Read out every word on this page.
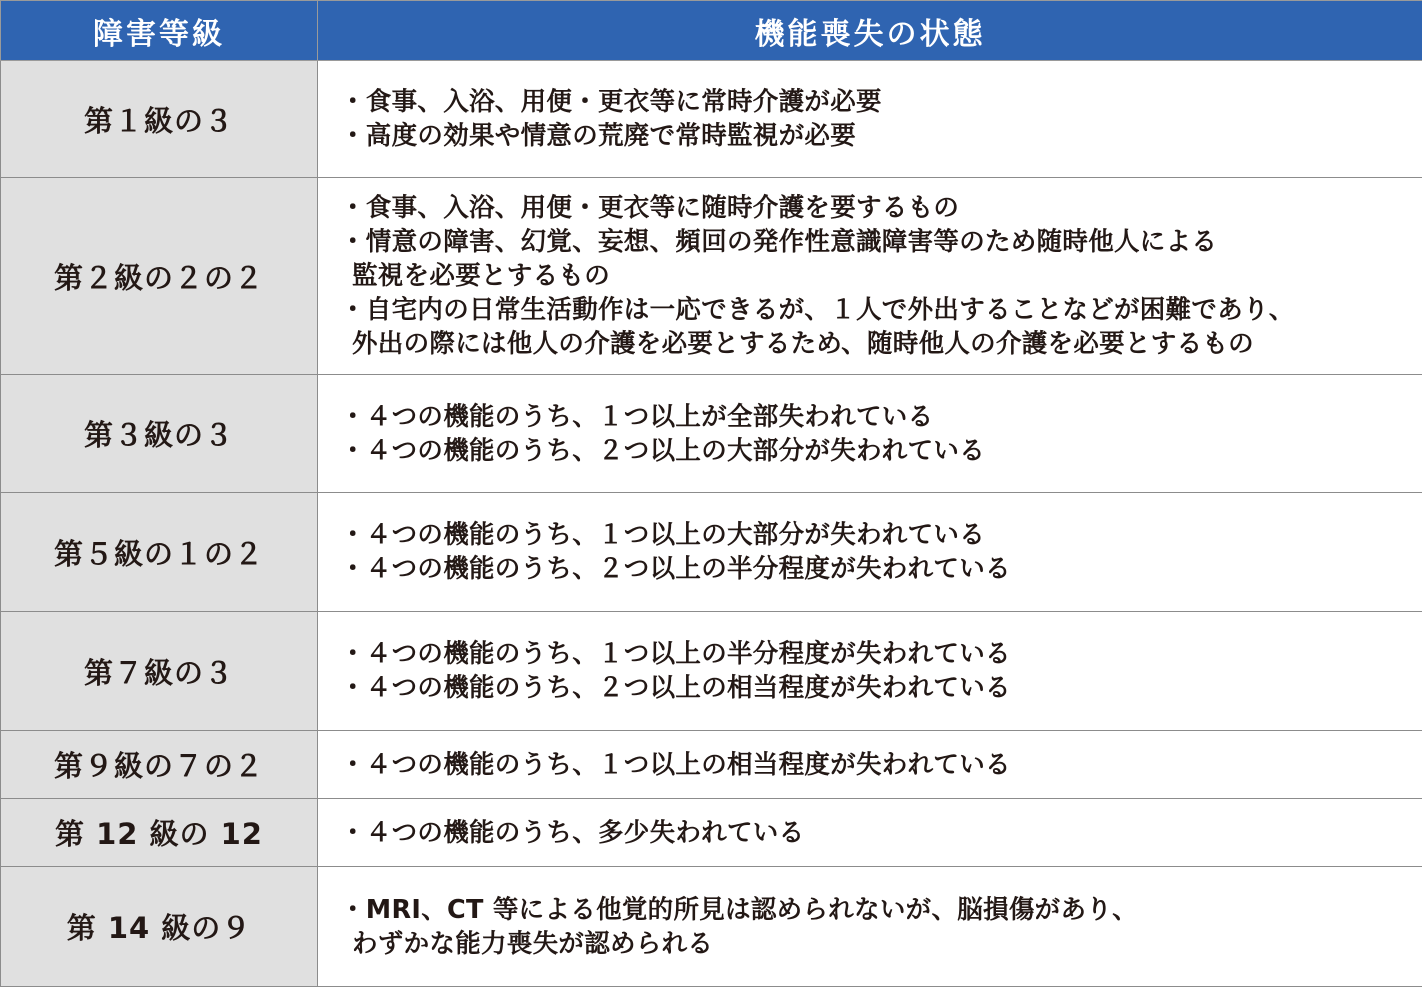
障害等級	機能喪失の状態
第１級の３	・食事、入浴、用便・更衣等に常時介護が必要
・高度の効果や情意の荒廃で常時監視が必要

第２級の２の２	・食事、入浴、用便・更衣等に随時介護を要するもの
・情意の障害、幻覚、妄想、頻回の発作性意識障害等のため随時他人による
監視を必要とするもの
・自宅内の日常生活動作は一応できるが、１人で外出することなどが困難であり、
外出の際には他人の介護を必要とするため、随時他人の介護を必要とするもの

第３級の３	・４つの機能のうち、１つ以上が全部失われている
・４つの機能のうち、２つ以上の大部分が失われている

第５級の１の２	・４つの機能のうち、１つ以上の大部分が失われている
・４つの機能のうち、２つ以上の半分程度が失われている

第７級の３	・４つの機能のうち、１つ以上の半分程度が失われている
・４つの機能のうち、２つ以上の相当程度が失われている

第９級の７の２	・４つの機能のうち、１つ以上の相当程度が失われている

第 12 級の 12	・４つの機能のうち、多少失われている

第 14 級の９	・MRI、CT 等による他覚的所見は認められないが、脳損傷があり、
わずかな能力喪失が認められる
